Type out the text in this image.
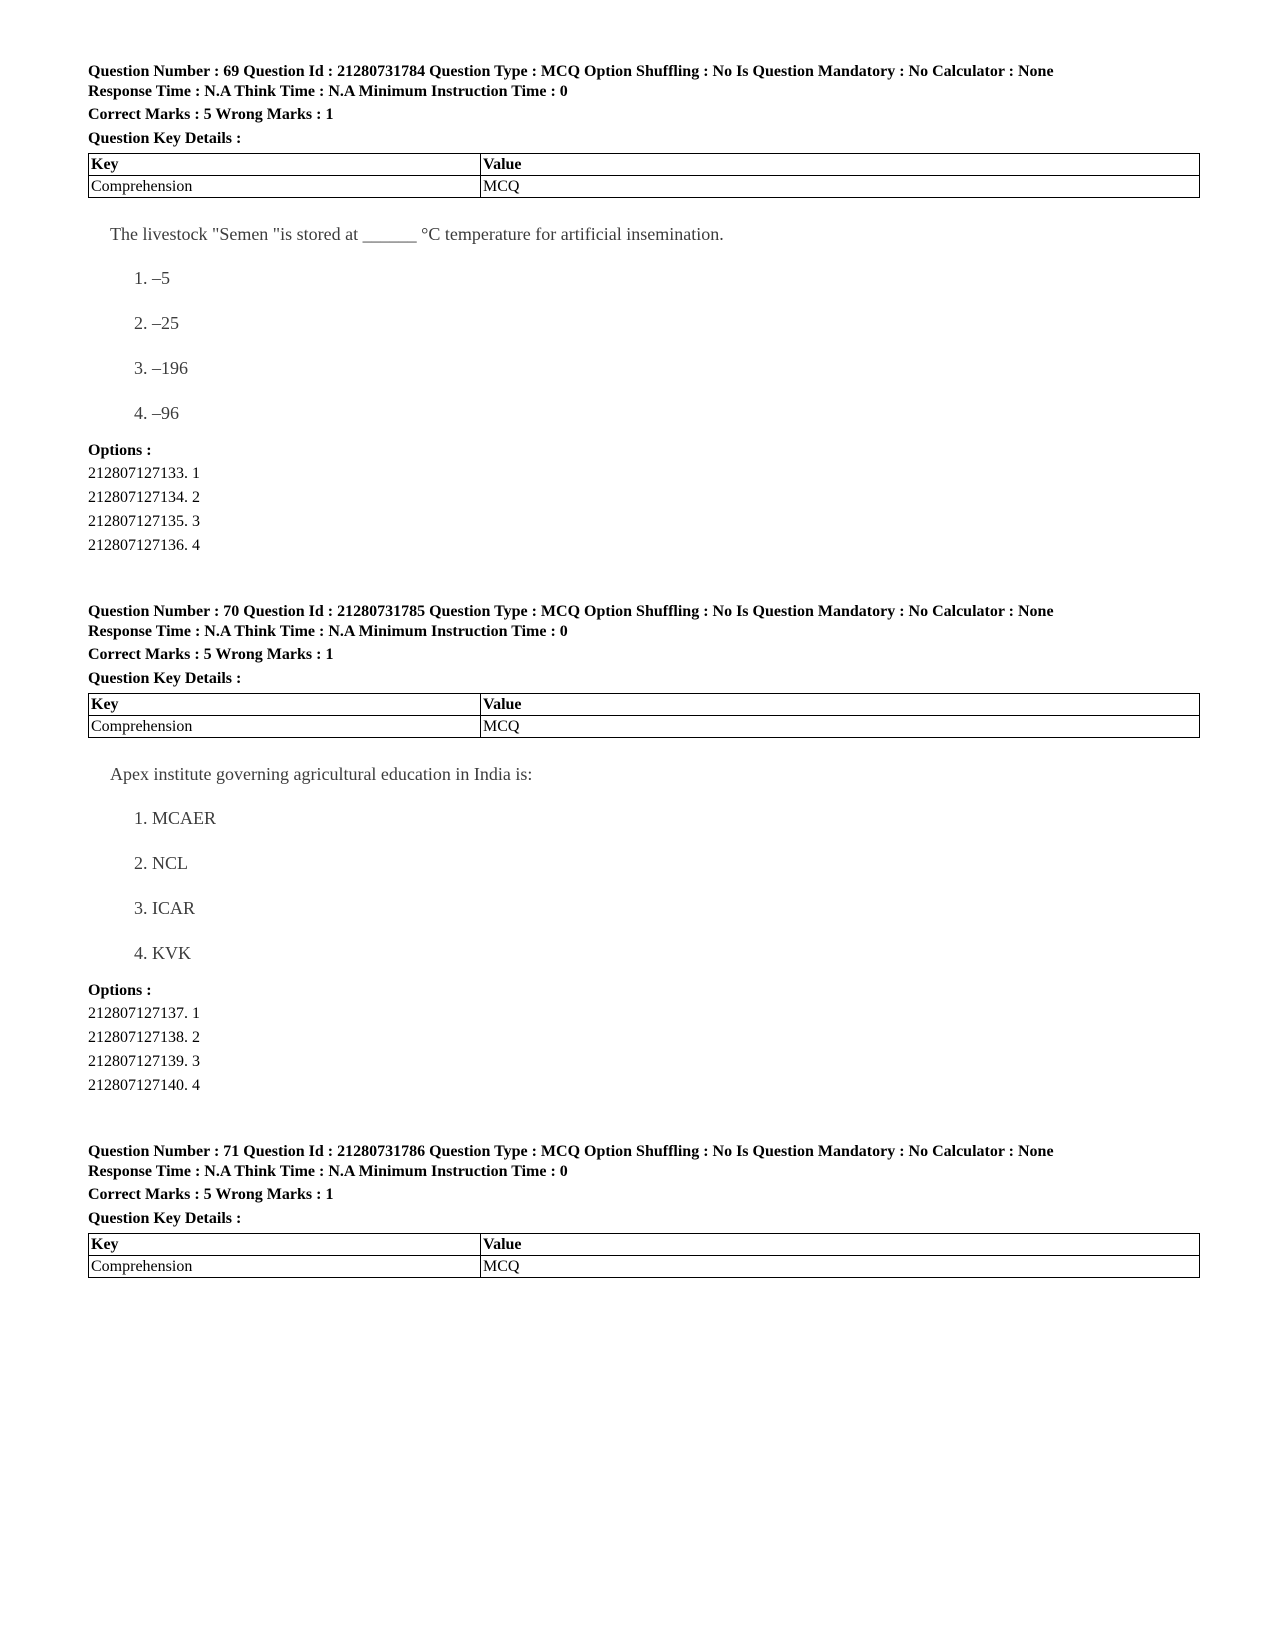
Question Number : 69 Question Id : 21280731784 Question Type : MCQ Option Shuffling : No Is Question Mandatory : No Calculator : None
Response Time : N.A Think Time : N.A Minimum Instruction Time : 0
Correct Marks : 5 Wrong Marks : 1
Question Key Details :
Key	Value
Comprehension	MCQ
The livestock "Semen "is stored at ______ °C temperature for artificial insemination.
1. –5
2. –25
3. –196
4. –96
Options :
212807127133. 1
212807127134. 2
212807127135. 3
212807127136. 4
Question Number : 70 Question Id : 21280731785 Question Type : MCQ Option Shuffling : No Is Question Mandatory : No Calculator : None
Response Time : N.A Think Time : N.A Minimum Instruction Time : 0
Correct Marks : 5 Wrong Marks : 1
Question Key Details :
Key	Value
Comprehension	MCQ
Apex institute governing agricultural education in India is:
1. MCAER
2. NCL
3. ICAR
4. KVK
Options :
212807127137. 1
212807127138. 2
212807127139. 3
212807127140. 4
Question Number : 71 Question Id : 21280731786 Question Type : MCQ Option Shuffling : No Is Question Mandatory : No Calculator : None
Response Time : N.A Think Time : N.A Minimum Instruction Time : 0
Correct Marks : 5 Wrong Marks : 1
Question Key Details :
Key	Value
Comprehension	MCQ
